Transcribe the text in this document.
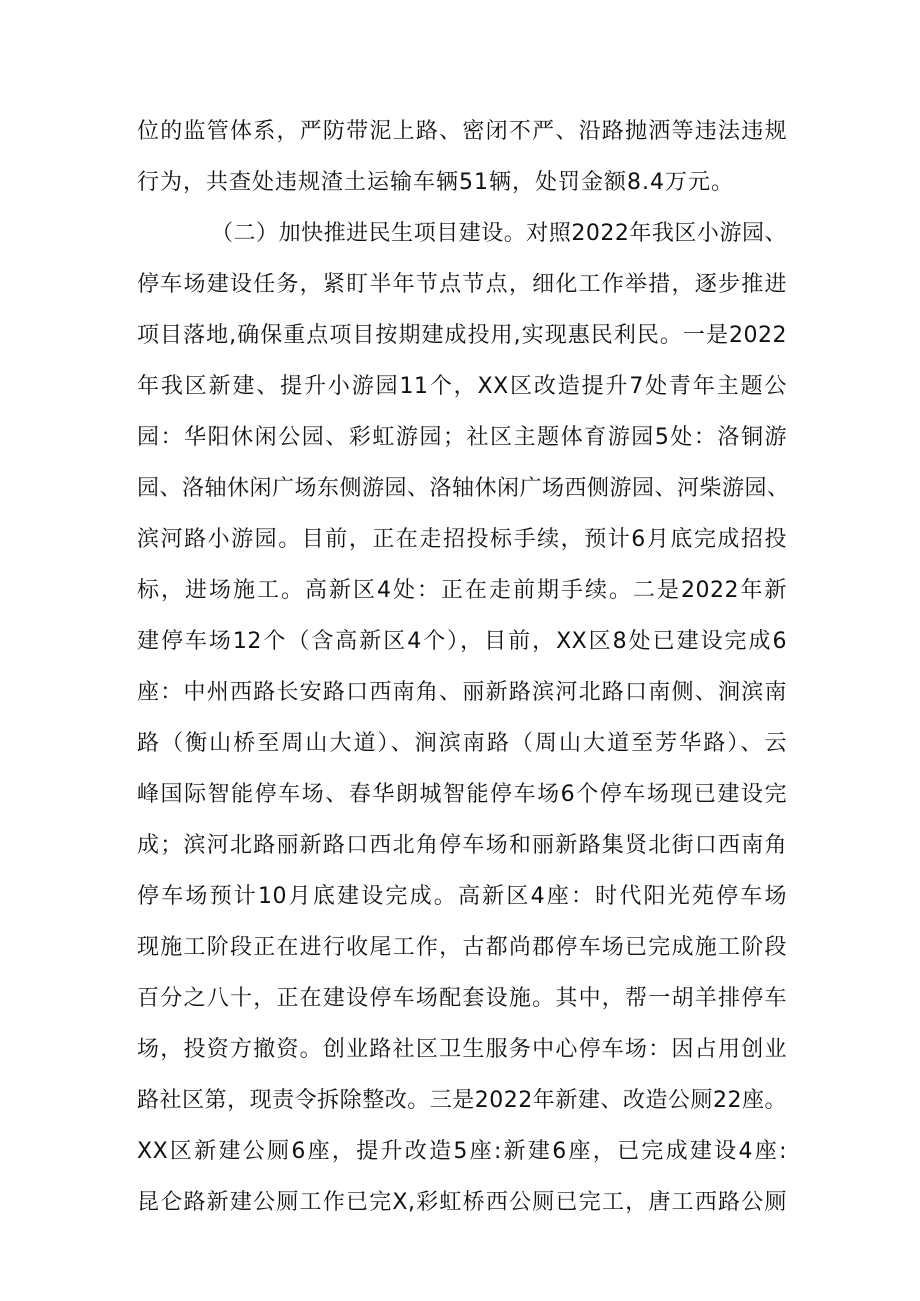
位的监管体系，严防带泥上路、密闭不严、沿路抛洒等违法违规
行为，共查处违规渣土运输车辆51辆，处罚金额8.4万元。
（二）加快推进民生项目建设。对照2022年我区小游园、
停车场建设任务，紧盯半年节点节点，细化工作举措，逐步推进
项目落地,确保重点项目按期建成投用,实现惠民利民。一是2022
年我区新建、提升小游园11个，XX区改造提升7处青年主题公
园：华阳休闲公园、彩虹游园；社区主题体育游园5处：洛铜游
园、洛轴休闲广场东侧游园、洛轴休闲广场西侧游园、河柴游园、
滨河路小游园。目前，正在走招投标手续，预计6月底完成招投
标，进场施工。高新区4处：正在走前期手续。二是2022年新
建停车场12个（含高新区4个），目前，XX区8处已建设完成6
座：中州西路长安路口西南角、丽新路滨河北路口南侧、涧滨南
路（衡山桥至周山大道）、涧滨南路（周山大道至芳华路）、云
峰国际智能停车场、春华朗城智能停车场6个停车场现已建设完
成；滨河北路丽新路口西北角停车场和丽新路集贤北街口西南角
停车场预计10月底建设完成。高新区4座：时代阳光苑停车场
现施工阶段正在进行收尾工作，古都尚郡停车场已完成施工阶段
百分之八十，正在建设停车场配套设施。其中，帮一胡羊排停车
场，投资方撤资。创业路社区卫生服务中心停车场：因占用创业
路社区第，现责令拆除整改。三是2022年新建、改造公厕22座。
XX区新建公厕6座，提升改造5座:新建6座，已完成建设4座:
昆仑路新建公厕工作已完X,彩虹桥西公厕已完工，唐工西路公厕
